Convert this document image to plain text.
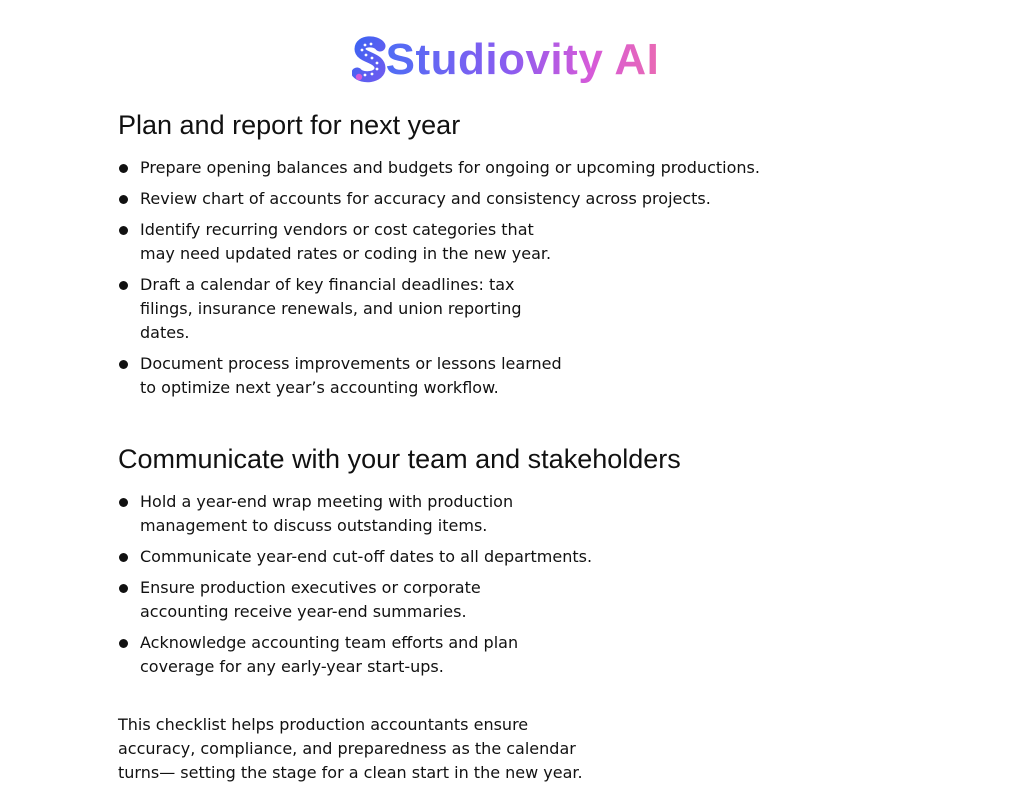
Studiovity AI
Plan and report for next year
Prepare opening balances and budgets for ongoing or upcoming productions.
Review chart of accounts for accuracy and consistency across projects.
Identify recurring vendors or cost categories that may need updated rates or coding in the new year.
Draft a calendar of key financial deadlines: tax filings, insurance renewals, and union reporting dates.
Document process improvements or lessons learned to optimize next year’s accounting workflow.
Communicate with your team and stakeholders
Hold a year-end wrap meeting with production management to discuss outstanding items.
Communicate year-end cut-off dates to all departments.
Ensure production executives or corporate accounting receive year-end summaries.
Acknowledge accounting team efforts and plan coverage for any early-year start-ups.

This checklist helps production accountants ensure accuracy, compliance, and preparedness as the calendar turns— setting the stage for a clean start in the new year.
